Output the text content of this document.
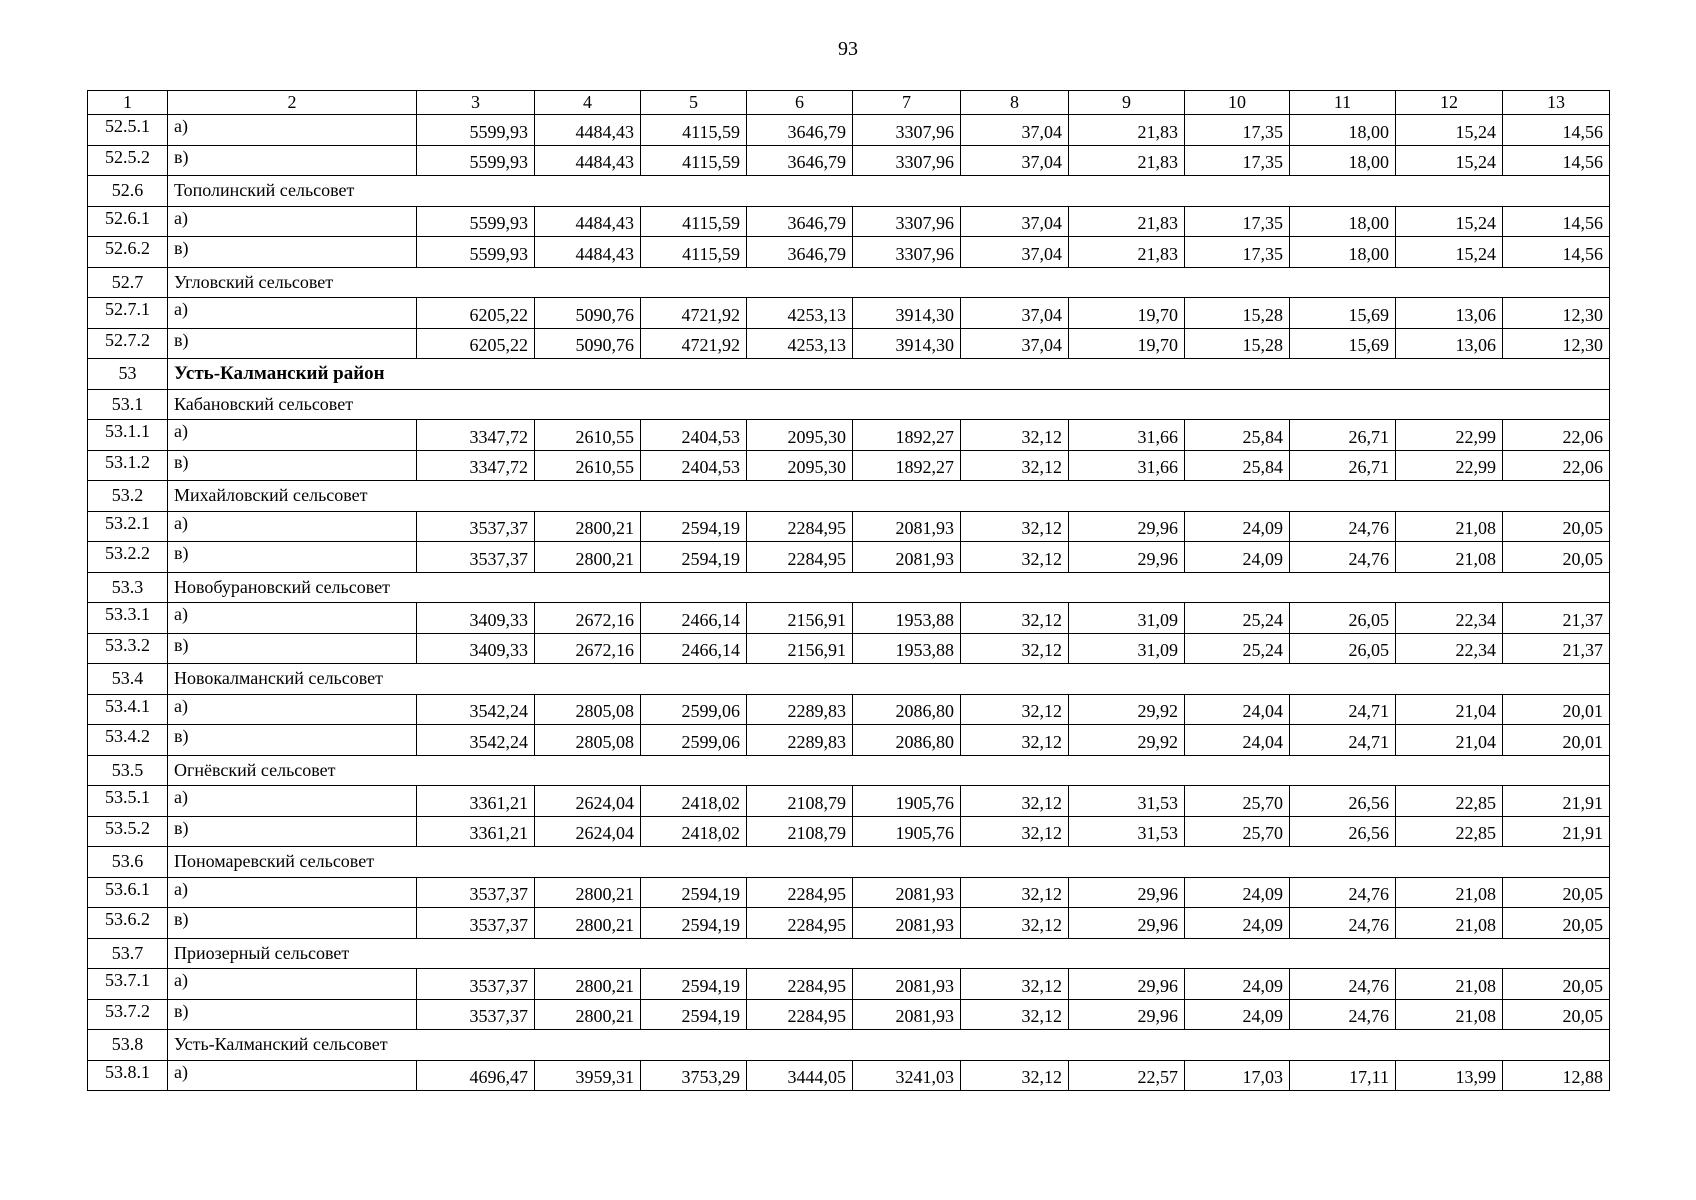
93
1	2	3	4	5	6	7	8	9	10	11	12	13
52.5.1	а)	5599,93	4484,43	4115,59	3646,79	3307,96	37,04	21,83	17,35	18,00	15,24	14,56
52.5.2	в)	5599,93	4484,43	4115,59	3646,79	3307,96	37,04	21,83	17,35	18,00	15,24	14,56
52.6	Тополинский сельсовет											
52.6.1	а)	5599,93	4484,43	4115,59	3646,79	3307,96	37,04	21,83	17,35	18,00	15,24	14,56
52.6.2	в)	5599,93	4484,43	4115,59	3646,79	3307,96	37,04	21,83	17,35	18,00	15,24	14,56
52.7	Угловский сельсовет											
52.7.1	а)	6205,22	5090,76	4721,92	4253,13	3914,30	37,04	19,70	15,28	15,69	13,06	12,30
52.7.2	в)	6205,22	5090,76	4721,92	4253,13	3914,30	37,04	19,70	15,28	15,69	13,06	12,30
53	Усть-Калманский район											
53.1	Кабановский сельсовет											
53.1.1	а)	3347,72	2610,55	2404,53	2095,30	1892,27	32,12	31,66	25,84	26,71	22,99	22,06
53.1.2	в)	3347,72	2610,55	2404,53	2095,30	1892,27	32,12	31,66	25,84	26,71	22,99	22,06
53.2	Михайловский сельсовет											
53.2.1	а)	3537,37	2800,21	2594,19	2284,95	2081,93	32,12	29,96	24,09	24,76	21,08	20,05
53.2.2	в)	3537,37	2800,21	2594,19	2284,95	2081,93	32,12	29,96	24,09	24,76	21,08	20,05
53.3	Новобурановский сельсовет											
53.3.1	а)	3409,33	2672,16	2466,14	2156,91	1953,88	32,12	31,09	25,24	26,05	22,34	21,37
53.3.2	в)	3409,33	2672,16	2466,14	2156,91	1953,88	32,12	31,09	25,24	26,05	22,34	21,37
53.4	Новокалманский сельсовет											
53.4.1	а)	3542,24	2805,08	2599,06	2289,83	2086,80	32,12	29,92	24,04	24,71	21,04	20,01
53.4.2	в)	3542,24	2805,08	2599,06	2289,83	2086,80	32,12	29,92	24,04	24,71	21,04	20,01
53.5	Огнёвский сельсовет											
53.5.1	а)	3361,21	2624,04	2418,02	2108,79	1905,76	32,12	31,53	25,70	26,56	22,85	21,91
53.5.2	в)	3361,21	2624,04	2418,02	2108,79	1905,76	32,12	31,53	25,70	26,56	22,85	21,91
53.6	Пономаревский сельсовет											
53.6.1	а)	3537,37	2800,21	2594,19	2284,95	2081,93	32,12	29,96	24,09	24,76	21,08	20,05
53.6.2	в)	3537,37	2800,21	2594,19	2284,95	2081,93	32,12	29,96	24,09	24,76	21,08	20,05
53.7	Приозерный сельсовет											
53.7.1	а)	3537,37	2800,21	2594,19	2284,95	2081,93	32,12	29,96	24,09	24,76	21,08	20,05
53.7.2	в)	3537,37	2800,21	2594,19	2284,95	2081,93	32,12	29,96	24,09	24,76	21,08	20,05
53.8	Усть-Калманский сельсовет											
53.8.1	а)	4696,47	3959,31	3753,29	3444,05	3241,03	32,12	22,57	17,03	17,11	13,99	12,88
